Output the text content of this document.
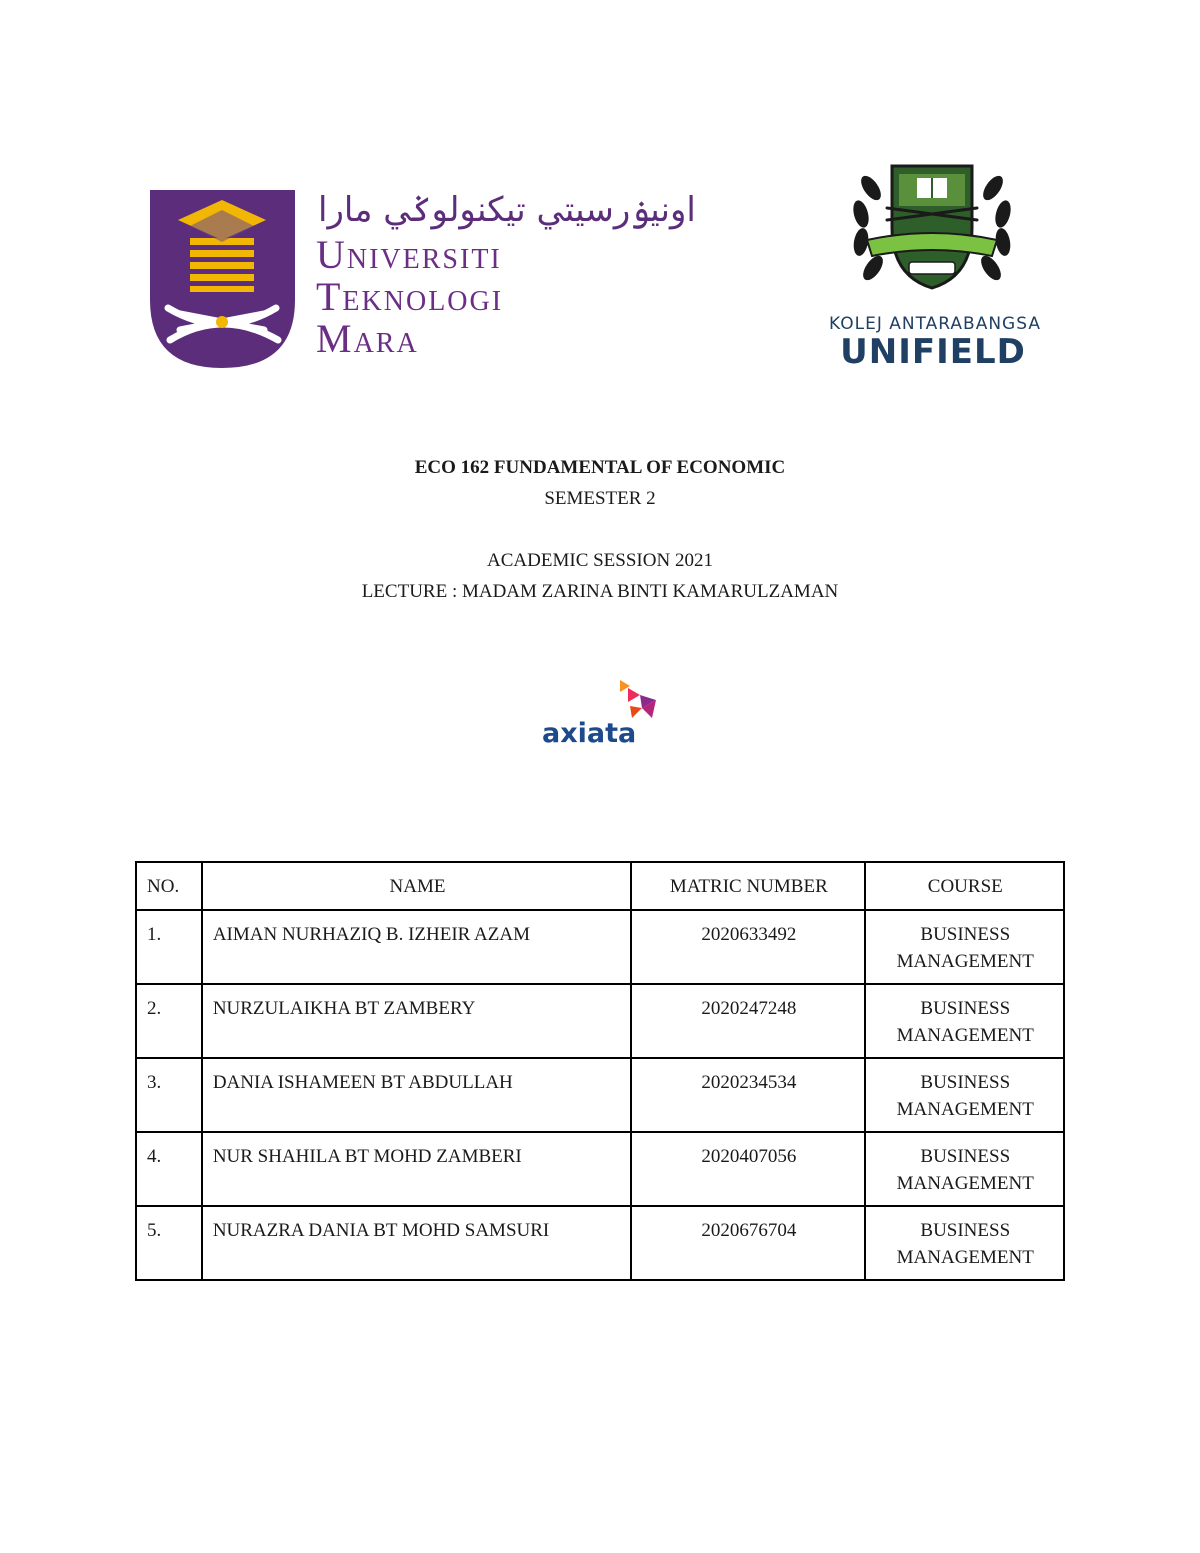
اونيۏرسيتي تيكنولوݢي مارا
Universiti
Teknologi
Mara	KOLEJ ANTARABANGSA
UNIFIELD
ECO 162 FUNDAMENTAL OF ECONOMIC
SEMESTER 2
ACADEMIC SESSION 2021
LECTURE : MADAM ZARINA BINTI KAMARULZAMAN
axiata
NO.	NAME	MATRIC NUMBER	COURSE
1.	AIMAN NURHAZIQ B. IZHEIR AZAM	2020633492	BUSINESS MANAGEMENT
2.	NURZULAIKHA BT ZAMBERY	2020247248	BUSINESS MANAGEMENT
3.	DANIA ISHAMEEN BT ABDULLAH	2020234534	BUSINESS MANAGEMENT
4.	NUR SHAHILA BT MOHD ZAMBERI	2020407056	BUSINESS MANAGEMENT
5.	NURAZRA DANIA BT MOHD SAMSURI	2020676704	BUSINESS MANAGEMENT
